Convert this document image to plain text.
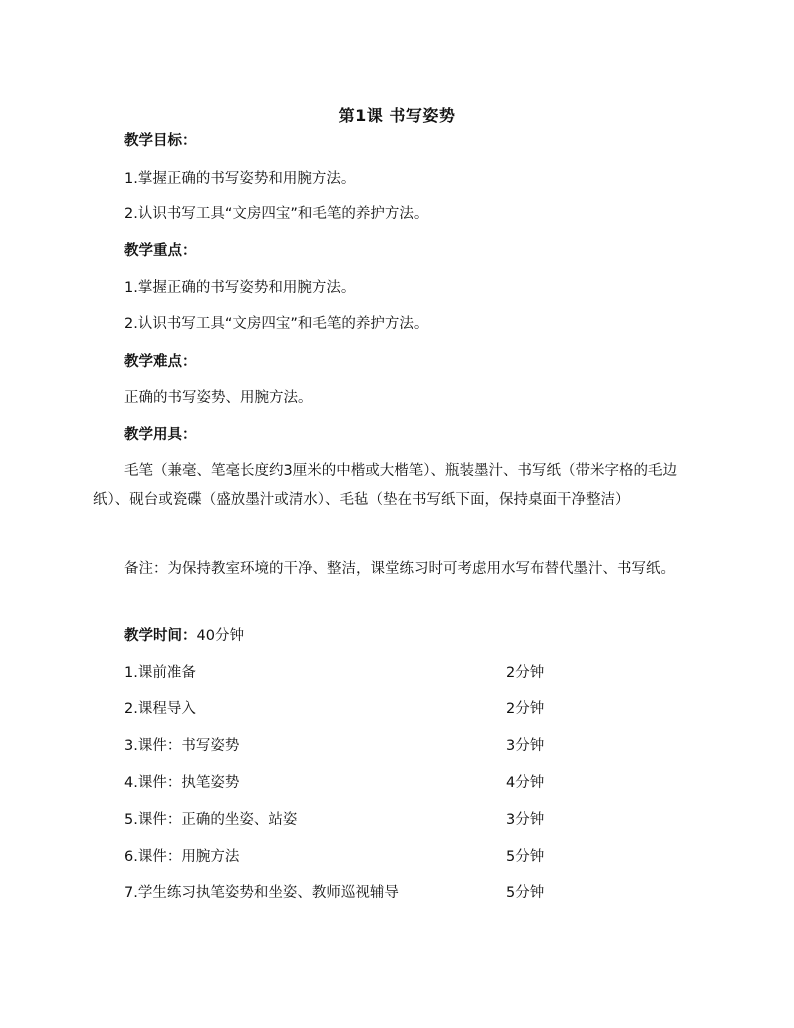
第1课 书写姿势
教学目标：
1.掌握正确的书写姿势和用腕方法。
2.认识书写工具“文房四宝”和毛笔的养护方法。
教学重点：
1.掌握正确的书写姿势和用腕方法。
2.认识书写工具“文房四宝”和毛笔的养护方法。
教学难点：
正确的书写姿势、用腕方法。
教学用具：
毛笔（兼毫、笔毫长度约3厘米的中楷或大楷笔）、瓶装墨汁、书写纸（带米字格的毛边纸）、砚台或瓷碟（盛放墨汁或清水）、毛毡（垫在书写纸下面，保持桌面干净整洁）
备注：为保持教室环境的干净、整洁，课堂练习时可考虑用水写布替代墨汁、书写纸。
教学时间：40分钟
1.课前准备	2分钟
2.课程导入	2分钟
3.课件：书写姿势	3分钟
4.课件：执笔姿势	4分钟
5.课件：正确的坐姿、站姿	3分钟
6.课件：用腕方法	5分钟
7.学生练习执笔姿势和坐姿、教师巡视辅导	5分钟
